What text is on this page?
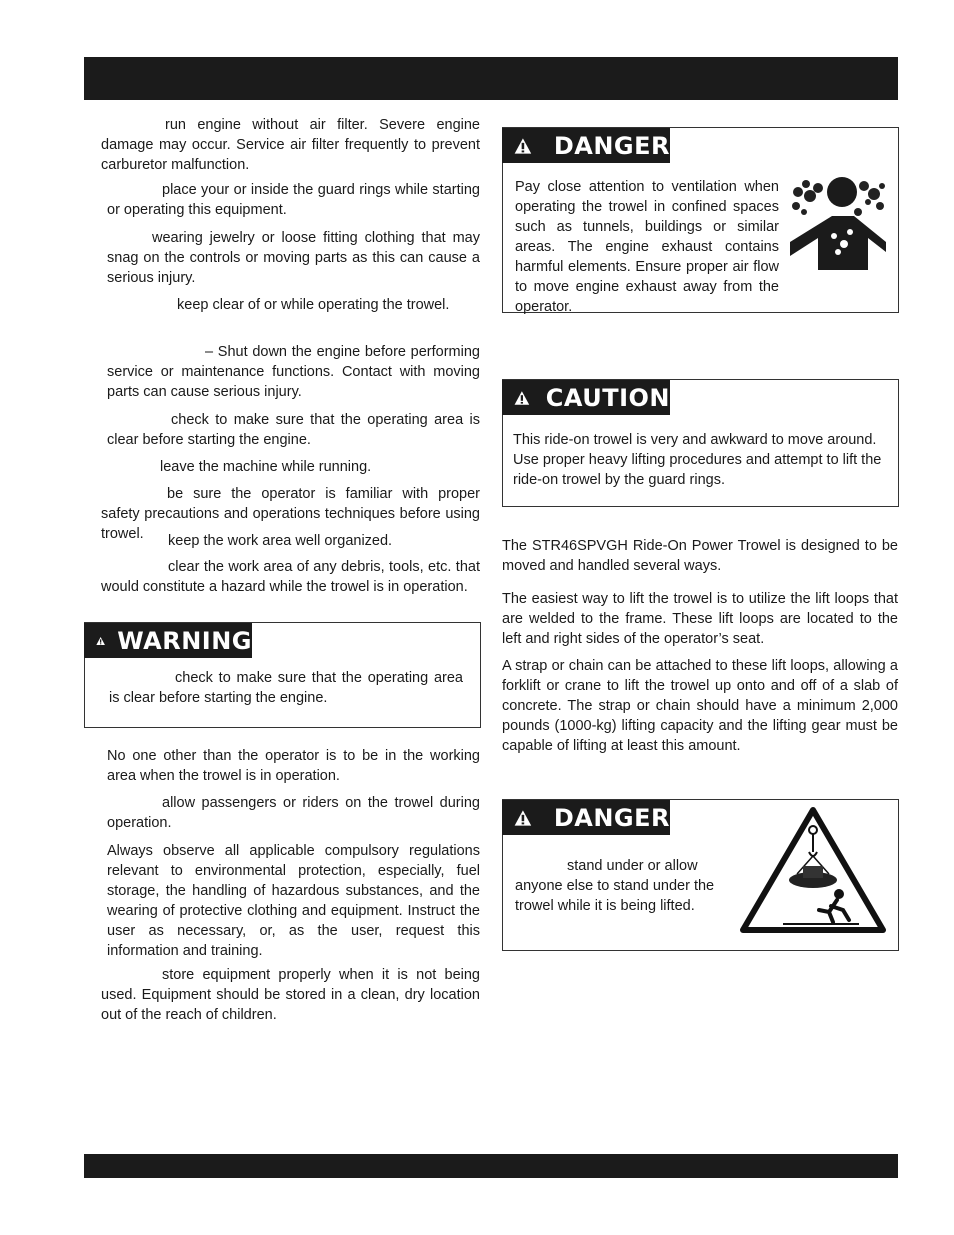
run engine without air filter. Severe engine damage may occur. Service air filter frequently to prevent carburetor malfunction.

place your or inside the guard rings while starting or operating this equipment.

wearing jewelry or loose fitting clothing that may snag on the controls or moving parts as this can cause a serious injury.

keep clear of or while operating the trowel.

– Shut down the engine before performing service or maintenance functions. Contact with moving parts can cause serious injury.

check to make sure that the operating area is clear before starting the engine.

leave the machine while running.

be sure the operator is familiar with proper safety precautions and operations techniques before using trowel.	keep the work area well organized.

clear the work area of any debris, tools, etc. that would constitute a hazard while the trowel is in operation.

WARNING

check to make sure that the operating area is clear before starting the engine.

No one other than the operator is to be in the working area when the trowel is in operation.

allow passengers or riders on the trowel during operation.

Always observe all applicable compulsory regulations relevant to environmental protection, especially, fuel storage, the handling of hazardous substances, and the wearing of protective clothing and equipment. Instruct the user as necessary, or, as the user, request this information and training.

store equipment properly when it is not being used. Equipment should be stored in a clean, dry location out of the reach of children.

DANGER

Pay close attention to ventilation when operating the trowel in confined spaces such as tunnels, buildings or similar areas. The engine exhaust contains harmful elements. Ensure proper air flow to move engine exhaust away from the operator.

CAUTION

This ride-on trowel is very and awkward to move around. Use proper heavy lifting procedures and attempt to lift the ride-on trowel by the guard rings.

The STR46SPVGH Ride-On Power Trowel is designed to be moved and handled several ways.

The easiest way to lift the trowel is to utilize the lift loops that are welded to the frame. These lift loops are located to the left and right sides of the operator’s seat.

A strap or chain can be attached to these lift loops, allowing a forklift or crane to lift the trowel up onto and off of a slab of concrete. The strap or chain should have a minimum 2,000 pounds (1000-kg) lifting capacity and the lifting gear must be capable of lifting at least this amount.

DANGER

stand under or allow anyone else to stand under the trowel while it is being lifted.
